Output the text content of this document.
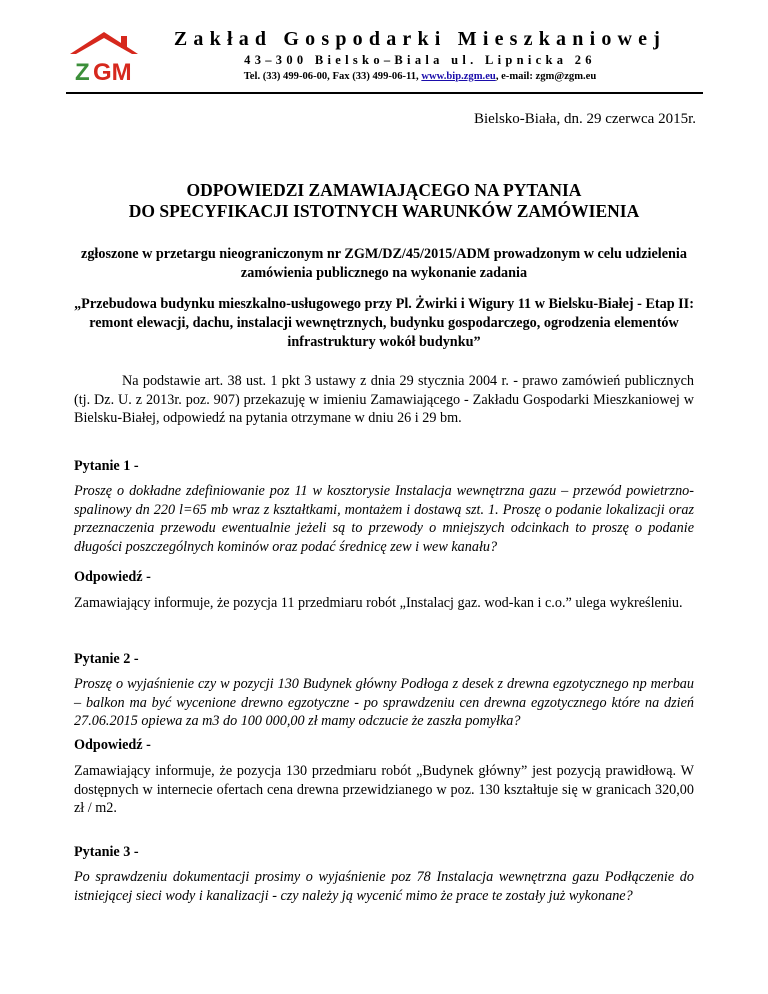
Z GM
Zakład Gospodarki Mieszkaniowej
43–300 Bielsko–Biala ul. Lipnicka 26
Tel. (33) 499-06-00, Fax (33) 499-06-11, www.bip.zgm.eu, e-mail: zgm@zgm.eu
Bielsko-Biała, dn. 29 czerwca 2015r.
ODPOWIEDZI ZAMAWIAJĄCEGO NA PYTANIA
DO SPECYFIKACJI ISTOTNYCH WARUNKÓW ZAMÓWIENIA
zgłoszone w przetargu nieograniczonym nr ZGM/DZ/45/2015/ADM prowadzonym w celu udzielenia zamówienia publicznego na wykonanie zadania
„Przebudowa budynku mieszkalno-usługowego przy Pl. Żwirki i Wigury 11 w Bielsku-Białej - Etap II: remont elewacji, dachu, instalacji wewnętrznych, budynku gospodarczego, ogrodzenia elementów infrastruktury wokół budynku”
Na podstawie art. 38 ust. 1 pkt 3 ustawy z dnia 29 stycznia 2004 r. - prawo zamówień publicznych (tj. Dz. U. z 2013r. poz. 907) przekazuję w imieniu Zamawiającego - Zakładu Gospodarki Mieszkaniowej w Bielsku-Białej, odpowiedź na pytania otrzymane w dniu 26 i 29 bm.
Pytanie 1 -
Proszę o dokładne zdefiniowanie poz 11 w kosztorysie Instalacja wewnętrzna gazu – przewód powietrzno-spalinowy dn 220 l=65 mb wraz z kształtkami, montażem i dostawą szt. 1. Proszę o podanie lokalizacji oraz przeznaczenia przewodu ewentualnie jeżeli są to przewody o mniejszych odcinkach to proszę o podanie długości poszczególnych kominów oraz podać średnicę zew i wew kanału?
Odpowiedź -
Zamawiający informuje, że pozycja 11 przedmiaru robót „Instalacj gaz. wod-kan i c.o.” ulega wykreśleniu.
Pytanie 2 -
Proszę o wyjaśnienie czy w pozycji 130 Budynek główny Podłoga z desek z drewna egzotycznego np merbau – balkon ma być wycenione drewno egzotyczne - po sprawdzeniu cen drewna egzotycznego które na dzień 27.06.2015 opiewa za m3 do 100 000,00 zł mamy odczucie że zaszła pomyłka?
Odpowiedź -
Zamawiający informuje, że pozycja 130 przedmiaru robót „Budynek główny” jest pozycją prawidłową. W dostępnych w internecie ofertach cena drewna przewidzianego w poz. 130 kształtuje się w granicach 320,00 zł / m2.
Pytanie 3 -
Po sprawdzeniu dokumentacji prosimy o wyjaśnienie poz 78 Instalacja wewnętrzna gazu Podłączenie do istniejącej sieci wody i kanalizacji - czy należy ją wycenić mimo że prace te zostały już wykonane?
